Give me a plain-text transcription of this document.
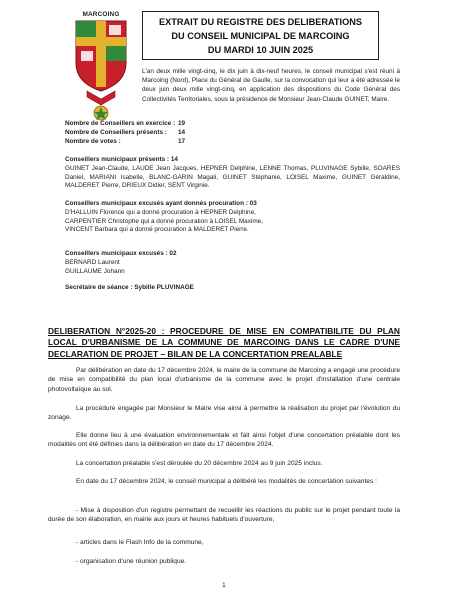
MARCOING
EXTRAIT DU REGISTRE DES DELIBERATIONS
DU CONSEIL MUNICIPAL DE MARCOING
DU MARDI 10 JUIN 2025
L'an deux mille vingt-cinq, le dix juin à dix-neuf heures, le conseil municipal s'est réuni à Marcoing (Nord), Place du Général de Gaulle, sur la convocation qui leur a été adressée le deux juin deux mille vingt-cinq, en application des dispositions du Code Général des Collectivités Territoriales, sous la présidence de Monsieur Jean-Claude GUINET, Maire.
Nombre de Conseillers en exercice : 19
Nombre de Conseillers présents :	14
Nombre de votes :	17
Conseillers municipaux présents : 14
GUINET Jean-Claude, LAUDE Jean Jacques, HEPNER Delphine, LENNE Thomas, PLUVINAGE Sybille, SOARES Daniel, MARIANI Isabelle, BLANC-GARIN Magali, GUINET Stéphanie, LOISEL Maxime, GUINET Géraldine, MALDERET Pierre, DRIEUX Didier, SENT Virginie.
Conseillers municipaux excusés ayant donnés procuration : 03
D'HALLUIN Florence qui a donné procuration à HEPNER Delphine,
CARPENTIER Christophe qui a donné procuration à LOISEL Maxime,
VINCENT Barbara qui a donné procuration à MALDERET Pierre.
Conseillers municipaux excusés : 02
BERNARD Laurent
GUILLAUME Johann
Secrétaire de séance : Sybille PLUVINAGE
DELIBERATION N°2025-20 : PROCEDURE DE MISE EN COMPATIBILITE DU PLAN LOCAL D'URBANISME DE LA COMMUNE DE MARCOING DANS LE CADRE D'UNE DECLARATION DE PROJET – BILAN DE LA CONCERTATION PREALABLE
Par délibération en date du 17 décembre 2024, le maire de la commune de Marcoing a engagé une procédure de mise en compatibilité du plan local d'urbanisme de la commune avec le projet d'installation d'une centrale photovoltaïque au sol.
La procédure engagée par Monsieur le Maire vise ainsi à permettre la réalisation du projet par l'évolution du zonage.
Elle donne lieu à une évaluation environnementale et fait ainsi l'objet d'une concertation préalable dont les modalités ont été définies dans la délibération en date du 17 décembre 2024.
La concertation préalable s'est déroulée du 20 décembre 2024 au 9 juin 2025 inclus.
En date du 17 décembre 2024, le conseil municipal a délibéré les modalités de concertation suivantes :
- Mise à disposition d'un registre permettant de recueillir les réactions du public sur le projet pendant toute la durée de son élaboration, en mairie aux jours et heures habituels d'ouverture,
- articles dans le Flash Info de la commune,
- organisation d'une réunion publique.
1
